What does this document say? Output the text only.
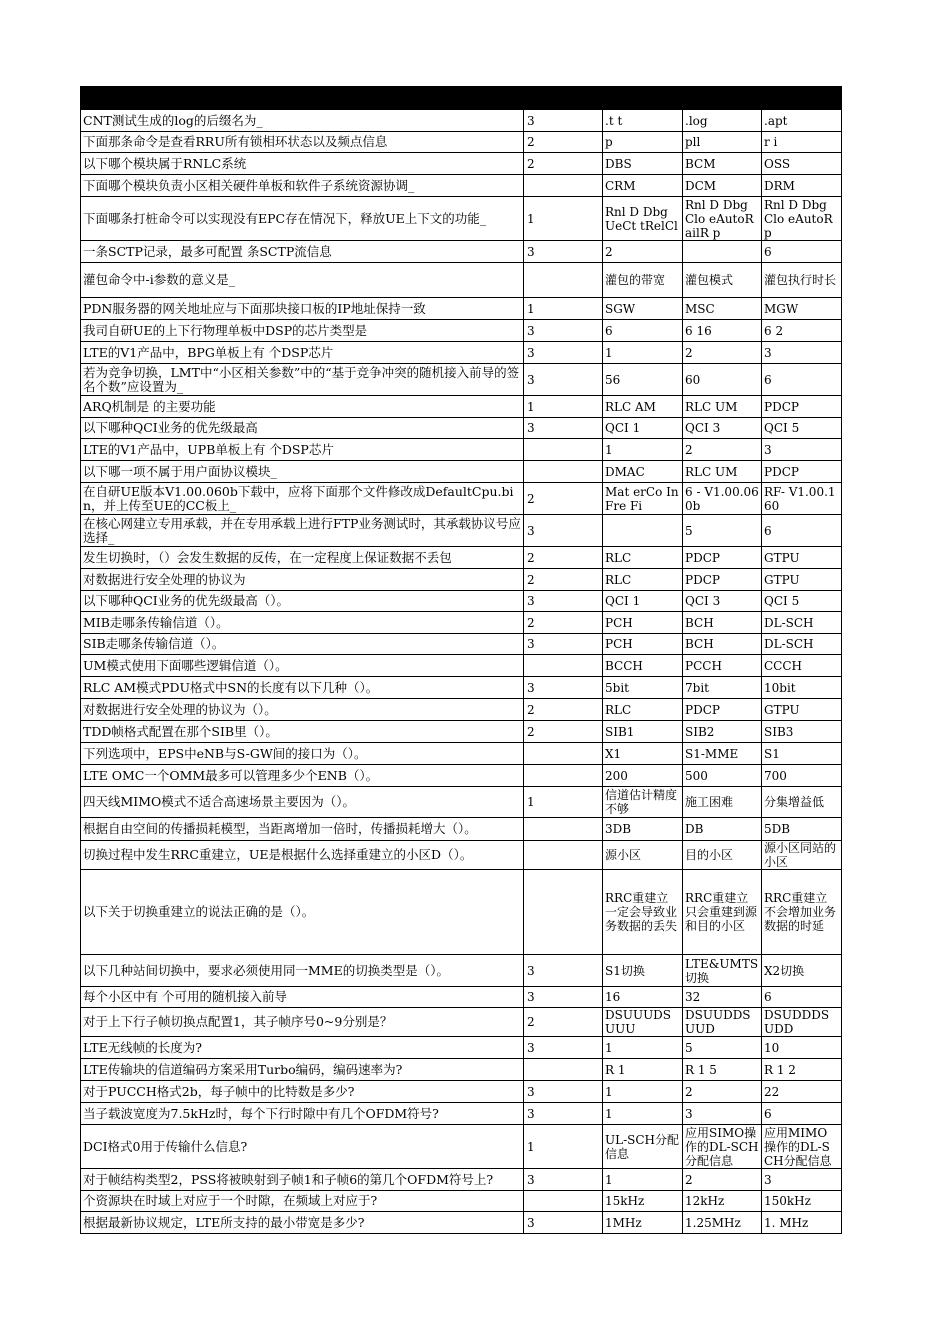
CNT测试生成的log的后缀名为_	3	.t t	.log	.apt
下面那条命令是查看RRU所有锁相环状态以及频点信息	2	p	pll	r i
以下哪个模块属于RNLC系统	2	DBS	BCM	OSS
下面哪个模块负责小区相关硬件单板和软件子系统资源协调_		CRM	DCM	DRM
下面哪条打桩命令可以实现没有EPC存在情况下，释放UE上下文的功能_	1	Rnl D Dbg UeCt tRelCl	Rnl D Dbg Clo eAutoR ailR p	Rnl D Dbg Clo eAutoR p
一条SCTP记录，最多可配置 条SCTP流信息	3	2		6
灌包命令中-i参数的意义是_		灌包的带宽	灌包模式	灌包执行时长
PDN服务器的网关地址应与下面那块接口板的IP地址保持一致	1	SGW	MSC	MGW
我司自研UE的上下行物理单板中DSP的芯片类型是	3	6	6 16	6 2
LTE的V1产品中，BPG单板上有 个DSP芯片	3	1	2	3
若为竞争切换，LMT中“小区相关参数”中的“基于竞争冲突的随机接入前导的签名个数”应设置为_	3	56	60	6
ARQ机制是 的主要功能	1	RLC AM	RLC UM	PDCP
以下哪种QCI业务的优先级最高	3	QCI 1	QCI 3	QCI 5
LTE的V1产品中，UPB单板上有 个DSP芯片		1	2	3
以下哪一项不属于用户面协议模块_		DMAC	RLC UM	PDCP
在自研UE版本V1.00.060b下载中，应将下面那个文件修改成DefaultCpu.bin，并上传至UE的CC板上_	2	Mat erCo InFre Fi	6 - V1.00.060b	RF- V1.00.160
在核心网建立专用承载，并在专用承载上进行FTP业务测试时，其承载协议号应选择_	3		5	6
发生切换时，（）会发生数据的反传，在一定程度上保证数据不丢包	2	RLC	PDCP	GTPU
对数据进行安全处理的协议为	2	RLC	PDCP	GTPU
以下哪种QCI业务的优先级最高（）。	3	QCI 1	QCI 3	QCI 5
MIB走哪条传输信道（）。	2	PCH	BCH	DL-SCH
SIB走哪条传输信道（）。	3	PCH	BCH	DL-SCH
UM模式使用下面哪些逻辑信道（）。		BCCH	PCCH	CCCH
RLC AM模式PDU格式中SN的长度有以下几种（）。	3	5bit	7bit	10bit
对数据进行安全处理的协议为（）。	2	RLC	PDCP	GTPU
TDD帧格式配置在那个SIB里（）。	2	SIB1	SIB2	SIB3
下列选项中，EPS中eNB与S-GW间的接口为（）。		X1	S1-MME	S1
LTE OMC一个OMM最多可以管理多少个ENB（）。		200	500	700
四天线MIMO模式不适合高速场景主要因为（）。	1	信道估计精度不够	施工困难	分集增益低
根据自由空间的传播损耗模型，当距离增加一倍时，传播损耗增大（）。		3DB	DB	5DB
切换过程中发生RRC重建立，UE是根据什么选择重建立的小区D（）。		源小区	目的小区	源小区同站的小区
以下关于切换重建立的说法正确的是（）。		RRC重建立一定会导致业务数据的丢失	RRC重建立只会重建到源和目的小区	RRC重建立不会增加业务数据的时延
以下几种站间切换中，要求必须使用同一MME的切换类型是（）。	3	S1切换	LTE&UMTS切换	X2切换
每个小区中有 个可用的随机接入前导	3	16	32	6
对于上下行子帧切换点配置1，其子帧序号0~9分别是？	2	DSUUUDSUUU	DSUUDDSUUD	DSUDDDSUDD
LTE无线帧的长度为?	3	1	5	10
LTE传输块的信道编码方案采用Turbo编码，编码速率为?		R 1	R 1 5	R 1 2
对于PUCCH格式2b，每子帧中的比特数是多少?	3	1	2	22
当子载波宽度为7.5kHz时，每个下行时隙中有几个OFDM符号?	3	1	3	6
DCI格式0用于传输什么信息?	1	UL-SCH分配信息	应用SIMO操作的DL-SCH分配信息	应用MIMO操作的DL-SCH分配信息
对于帧结构类型2，PSS将被映射到子帧1和子帧6的第几个OFDM符号上?	3	1	2	3
个资源块在时域上对应于一个时隙，在频域上对应于?		15kHz	12kHz	150kHz
根据最新协议规定，LTE所支持的最小带宽是多少?	3	1MHz	1.25MHz	1. MHz
